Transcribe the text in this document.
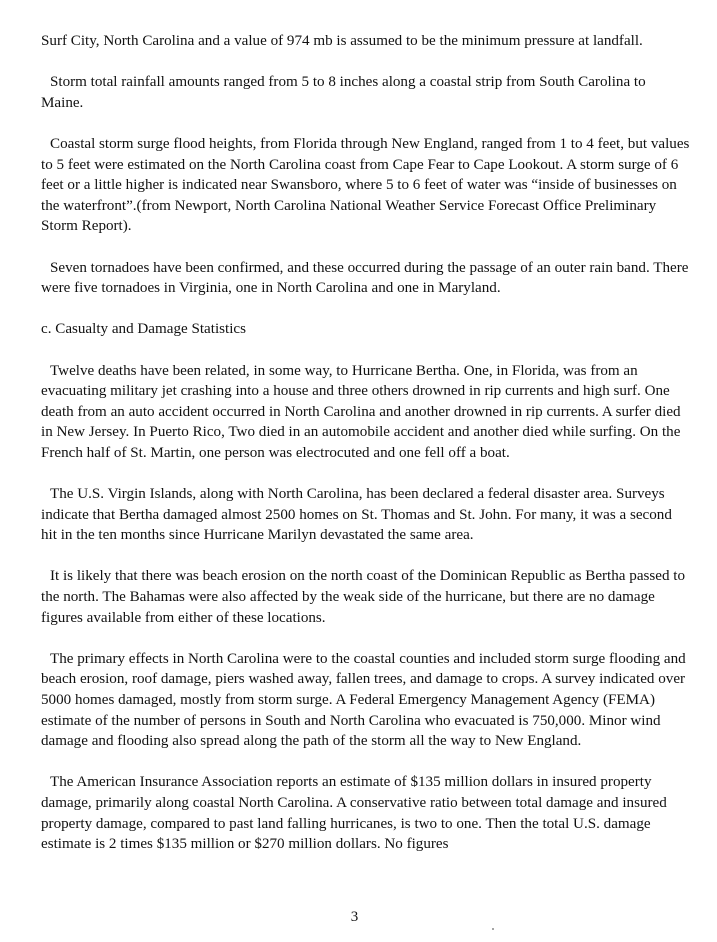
Surf City, North Carolina and a value of 974 mb is assumed to be the minimum pressure at landfall.

Storm total rainfall amounts ranged from 5 to 8 inches along a coastal strip from South Carolina to Maine.

Coastal storm surge flood heights, from Florida through New England, ranged from 1 to 4 feet, but values to 5 feet were estimated on the North Carolina coast from Cape Fear to Cape Lookout. A storm surge of 6 feet or a little higher is indicated near Swansboro, where 5 to 6 feet of water was “inside of businesses on the waterfront”.(from Newport, North Carolina National Weather Service Forecast Office Preliminary Storm Report).

Seven tornadoes have been confirmed, and these occurred during the passage of an outer rain band. There were five tornadoes in Virginia, one in North Carolina and one in Maryland.

c. Casualty and Damage Statistics

Twelve deaths have been related, in some way, to Hurricane Bertha. One, in Florida, was from an evacuating military jet crashing into a house and three others drowned in rip currents and high surf. One death from an auto accident occurred in North Carolina and another drowned in rip currents. A surfer died in New Jersey. In Puerto Rico, Two died in an automobile accident and another died while surfing. On the French half of St. Martin, one person was electrocuted and one fell off a boat.

The U.S. Virgin Islands, along with North Carolina, has been declared a federal disaster area. Surveys indicate that Bertha damaged almost 2500 homes on St. Thomas and St. John. For many, it was a second hit in the ten months since Hurricane Marilyn devastated the same area.

It is likely that there was beach erosion on the north coast of the Dominican Republic as Bertha passed to the north. The Bahamas were also affected by the weak side of the hurricane, but there are no damage figures available from either of these locations.

The primary effects in North Carolina were to the coastal counties and included storm surge flooding and beach erosion, roof damage, piers washed away, fallen trees, and damage to crops. A survey indicated over 5000 homes damaged, mostly from storm surge. A Federal Emergency Management Agency (FEMA) estimate of the number of persons in South and North Carolina who evacuated is 750,000. Minor wind damage and flooding also spread along the path of the storm all the way to New England.

The American Insurance Association reports an estimate of $135 million dollars in insured property damage, primarily along coastal North Carolina. A conservative ratio between total damage and insured property damage, compared to past land falling hurricanes, is two to one. Then the total U.S. damage estimate is 2 times $135 million or $270 million dollars. No figures

3
